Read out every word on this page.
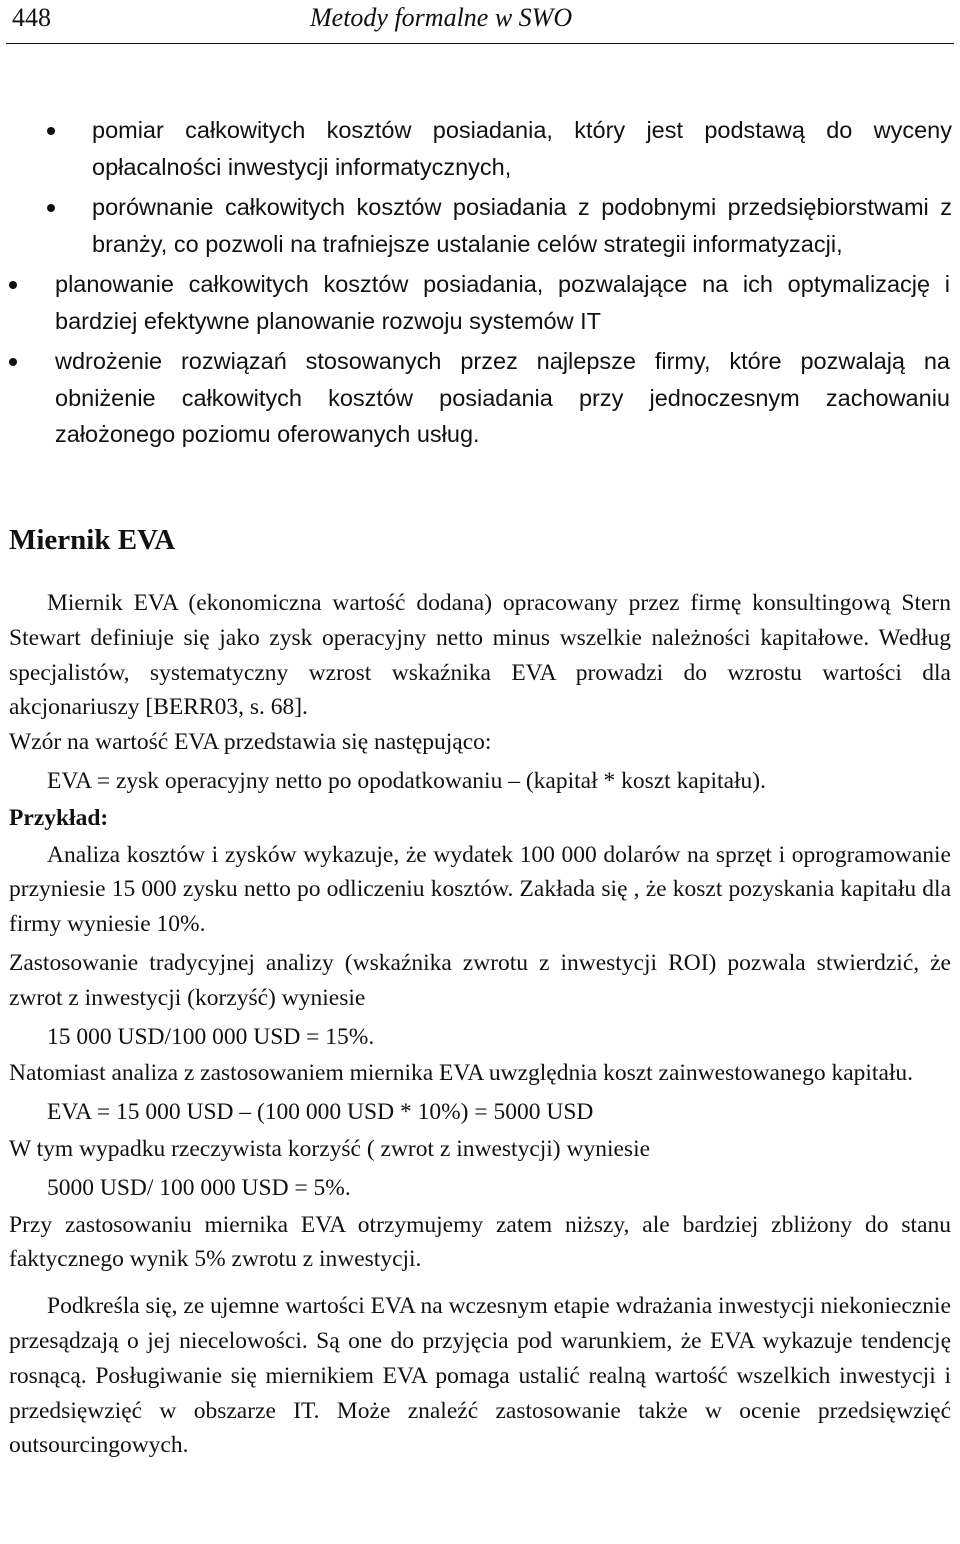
448	Metody formalne w SWO
pomiar całkowitych kosztów posiadania, który jest podstawą do wyceny opłacalności inwestycji informatycznych,
porównanie całkowitych kosztów posiadania z podobnymi przedsiębiorstwami z branży, co pozwoli na trafniejsze ustalanie celów strategii informatyzacji,
planowanie całkowitych kosztów posiadania, pozwalające na ich optymalizację i bardziej efektywne planowanie rozwoju systemów IT
wdrożenie rozwiązań stosowanych przez najlepsze firmy, które pozwalają na obniżenie całkowitych kosztów posiadania przy jednoczesnym zachowaniu założonego poziomu oferowanych usług.
Miernik EVA

Miernik EVA (ekonomiczna wartość dodana) opracowany przez firmę konsultingową Stern Stewart definiuje się jako zysk operacyjny netto minus wszelkie należności kapitałowe. Według specjalistów, systematyczny wzrost wskaźnika EVA prowadzi do wzrostu wartości dla akcjonariuszy [BERR03, s. 68].

Wzór na wartość EVA przedstawia się następująco:

EVA = zysk operacyjny netto po opodatkowaniu – (kapitał * koszt kapitału).

Przykład:

Analiza kosztów i zysków wykazuje, że wydatek 100 000 dolarów na sprzęt i oprogramowanie przyniesie 15 000 zysku netto po odliczeniu kosztów. Zakłada się , że koszt pozyskania kapitału dla firmy wyniesie 10%.

Zastosowanie tradycyjnej analizy (wskaźnika zwrotu z inwestycji ROI) pozwala stwierdzić, że zwrot z inwestycji (korzyść) wyniesie

15 000 USD/100 000 USD = 15%.

Natomiast analiza z zastosowaniem miernika EVA uwzględnia koszt zainwestowanego kapitału.

EVA = 15 000 USD – (100 000 USD * 10%) = 5000 USD

W tym wypadku rzeczywista korzyść ( zwrot z inwestycji) wyniesie

5000 USD/ 100 000 USD = 5%.

Przy zastosowaniu miernika EVA otrzymujemy zatem niższy, ale bardziej zbliżony do stanu faktycznego wynik 5% zwrotu z inwestycji.

Podkreśla się, ze ujemne wartości EVA na wczesnym etapie wdrażania inwestycji niekoniecznie przesądzają o jej niecelowości. Są one do przyjęcia pod warunkiem, że EVA wykazuje tendencję rosnącą. Posługiwanie się miernikiem EVA pomaga ustalić realną wartość wszelkich inwestycji i przedsięwzięć w obszarze IT. Może znaleźć zastosowanie także w ocenie przedsięwzięć outsourcingowych.
